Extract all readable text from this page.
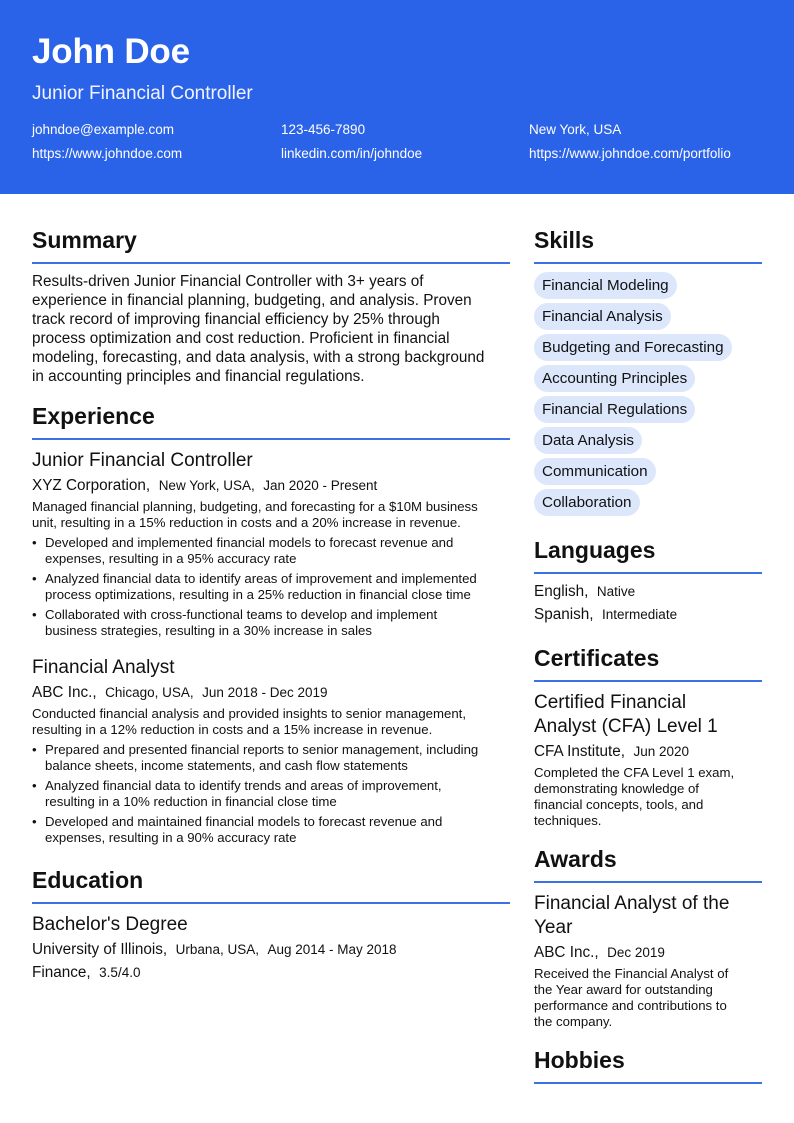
John Doe
Junior Financial Controller
johndoe@example.com	123-456-7890	New York, USA
https://www.johndoe.com	linkedin.com/in/johndoe	https://www.johndoe.com/portfolio
Summary
Results-driven Junior Financial Controller with 3+ years of
experience in financial planning, budgeting, and analysis. Proven
track record of improving financial efficiency by 25% through
process optimization and cost reduction. Proficient in financial
modeling, forecasting, and data analysis, with a strong background
in accounting principles and financial regulations.
Experience
Junior Financial Controller
XYZ Corporation, New York, USA, Jan 2020 - Present
Managed financial planning, budgeting, and forecasting for a $10M business
unit, resulting in a 15% reduction in costs and a 20% increase in revenue.
• Developed and implemented financial models to forecast revenue and
expenses, resulting in a 95% accuracy rate
• Analyzed financial data to identify areas of improvement and implemented
process optimizations, resulting in a 25% reduction in financial close time
• Collaborated with cross-functional teams to develop and implement
business strategies, resulting in a 30% increase in sales
Financial Analyst
ABC Inc., Chicago, USA, Jun 2018 - Dec 2019
Conducted financial analysis and provided insights to senior management,
resulting in a 12% reduction in costs and a 15% increase in revenue.
• Prepared and presented financial reports to senior management, including
balance sheets, income statements, and cash flow statements
• Analyzed financial data to identify trends and areas of improvement,
resulting in a 10% reduction in financial close time
• Developed and maintained financial models to forecast revenue and
expenses, resulting in a 90% accuracy rate
Education
Bachelor's Degree
University of Illinois, Urbana, USA, Aug 2014 - May 2018
Finance, 3.5/4.0
Skills
Financial Modeling
Financial Analysis
Budgeting and Forecasting
Accounting Principles
Financial Regulations
Data Analysis
Communication
Collaboration
Languages
English, Native
Spanish, Intermediate
Certificates
Certified Financial
Analyst (CFA) Level 1
CFA Institute, Jun 2020
Completed the CFA Level 1 exam,
demonstrating knowledge of
financial concepts, tools, and
techniques.
Awards
Financial Analyst of the
Year
ABC Inc., Dec 2019
Received the Financial Analyst of
the Year award for outstanding
performance and contributions to
the company.
Hobbies
